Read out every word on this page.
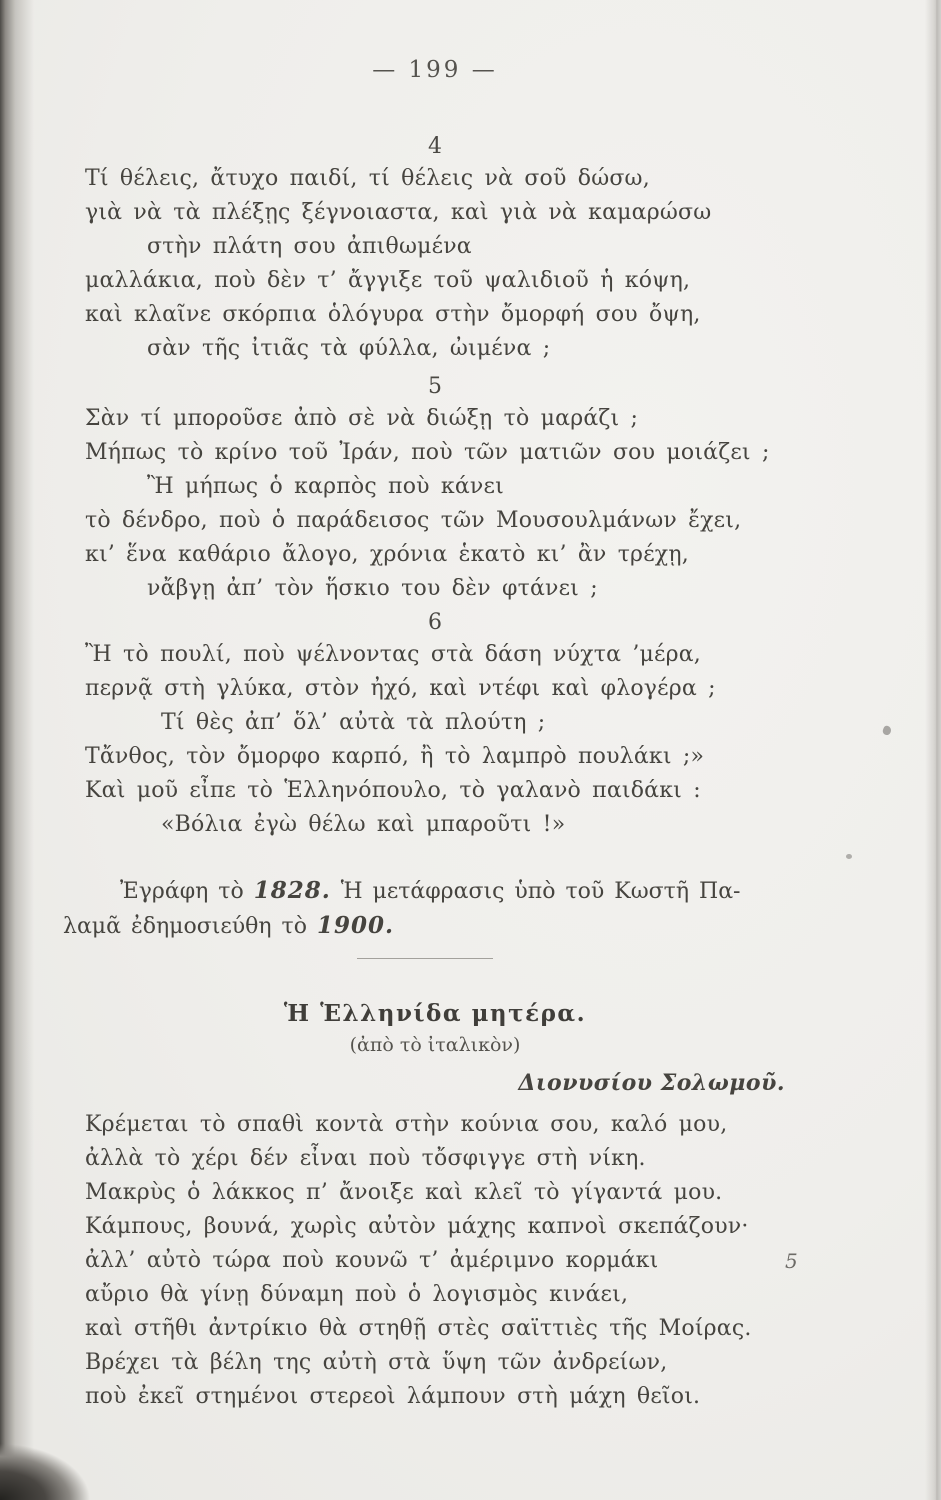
— 199 —
4
Τί θέλεις, ἄτυχο παιδί, τί θέλεις νὰ σοῦ δώσω,
γιὰ νὰ τὰ πλέξῃς ξέγνοιαστα, καὶ γιὰ νὰ καμαρώσω
στὴν πλάτη σου ἀπιθωμένα
μαλλάκια, ποὺ δὲν τ’ ἄγγιξε τοῦ ψαλιδιοῦ ἡ κόψη,
καὶ κλαῖνε σκόρπια ὁλόγυρα στὴν ὄμορφή σου ὄψη,
σὰν τῆς ἰτιᾶς τὰ φύλλα, ὠιμένα ;
5
Σὰν τί μποροῦσε ἀπὸ σὲ νὰ διώξῃ τὸ μαράζι ;
Μήπως τὸ κρίνο τοῦ Ἰράν, ποὺ τῶν ματιῶν σου μοιάζει ;
Ἢ μήπως ὁ καρπὸς ποὺ κάνει
τὸ δένδρο, ποὺ ὁ παράδεισος τῶν Μουσουλμάνων ἔχει,
κι’ ἕνα καθάριο ἄλογο, χρόνια ἑκατὸ κι’ ἂν τρέχῃ,
νἄβγῃ ἀπ’ τὸν ἥσκιο του δὲν φτάνει ;
6
Ἢ τὸ πουλί, ποὺ ψέλνοντας στὰ δάση νύχτα ’μέρα,
περνᾷ στὴ γλύκα, στὸν ἠχό, καὶ ντέφι καὶ φλογέρα ;
Τί θὲς ἀπ’ ὅλ’ αὐτὰ τὰ πλούτη ;
Τἄνθος, τὸν ὄμορφο καρπό, ἢ τὸ λαμπρὸ πουλάκι ;»
Καὶ μοῦ εἶπε τὸ Ἑλληνόπουλο, τὸ γαλανὸ παιδάκι :
«Βόλια ἐγὼ θέλω καὶ μπαροῦτι !»
Ἐγράφη τὸ 1828. Ἡ μετάφρασις ὑπὸ τοῦ Κωστῆ Πα-
λαμᾶ ἐδημοσιεύθη τὸ 1900.
Ἡ Ἑλληνίδα μητέρα.
(ἀπὸ τὸ ἰταλικὸν)
Διονυσίου Σολωμοῦ.
Κρέμεται τὸ σπαθὶ κοντὰ στὴν κούνια σου, καλό μου,
ἀλλὰ τὸ χέρι δέν εἶναι ποὺ τὄσφιγγε στὴ νίκη.
Μακρὺς ὁ λάκκος π’ ἄνοιξε καὶ κλεῖ τὸ γίγαντά μου.
Κάμπους, βουνά, χωρὶς αὐτὸν μάχης καπνοὶ σκεπάζουν·
ἀλλ’ αὐτὸ τώρα ποὺ κουνῶ τ’ ἀμέριμνο κορμάκι	5
αὔριο θὰ γίνῃ δύναμη ποὺ ὁ λογισμὸς κινάει,
καὶ στῆθι ἀντρίκιο θὰ στηθῇ στὲς σαϊττιὲς τῆς Μοίρας.
Βρέχει τὰ βέλη της αὐτὴ στὰ ὕψη τῶν ἀνδρείων,
ποὺ ἐκεῖ στημένοι στερεοὶ λάμπουν στὴ μάχη θεῖοι.
